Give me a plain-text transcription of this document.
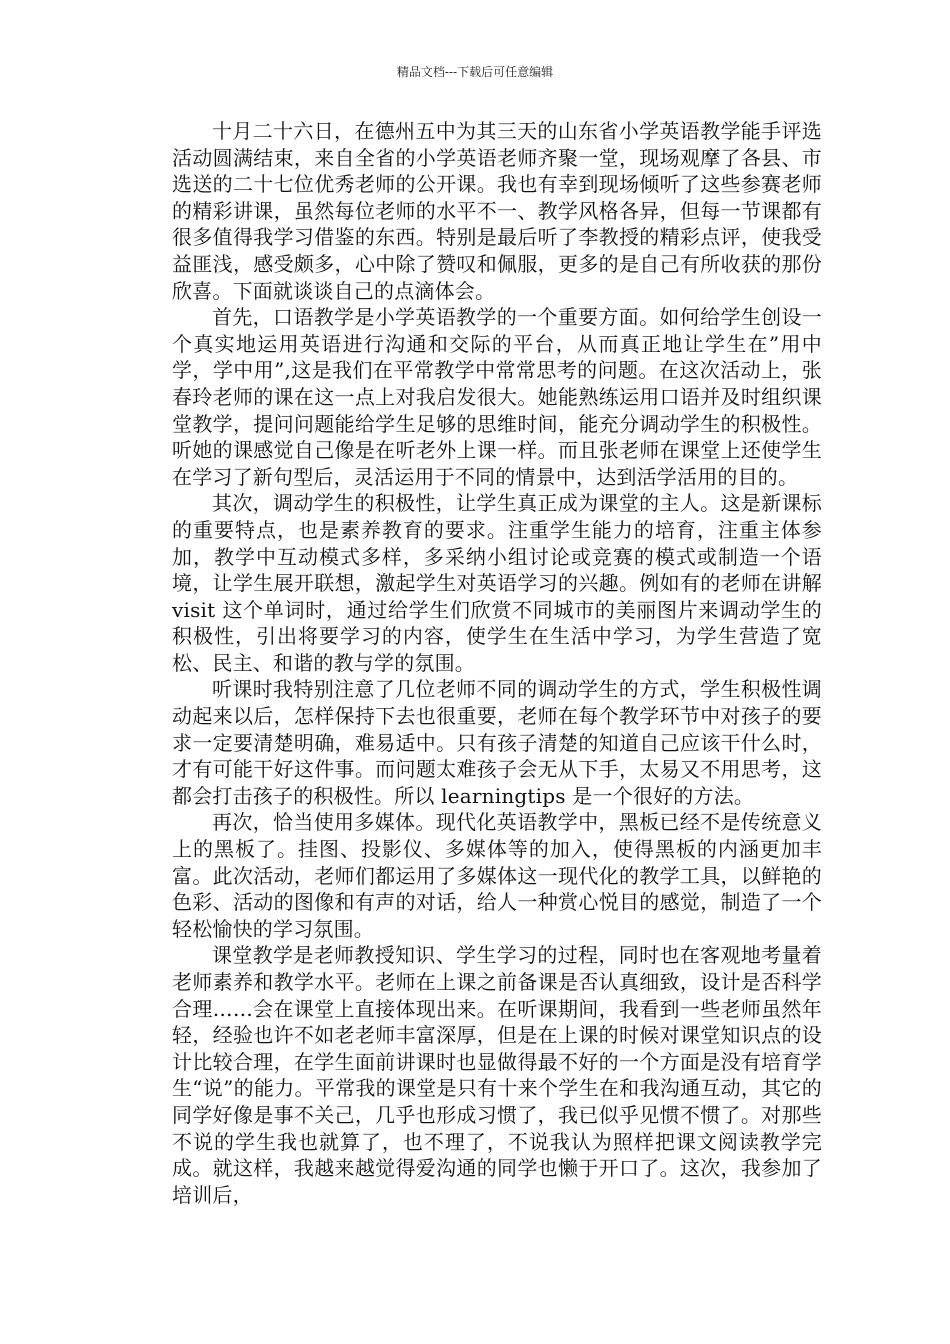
精品文档---下载后可任意编辑

十月二十六日，在德州五中为其三天的山东省小学英语教学能手评选活动圆满结束，来自全省的小学英语老师齐聚一堂，现场观摩了各县、市选送的二十七位优秀老师的公开课。我也有幸到现场倾听了这些参赛老师的精彩讲课，虽然每位老师的水平不一、教学风格各异，但每一节课都有很多值得我学习借鉴的东西。特别是最后听了李教授的精彩点评，使我受益匪浅，感受颇多，心中除了赞叹和佩服，更多的是自己有所收获的那份欣喜。下面就谈谈自己的点滴体会。

首先，口语教学是小学英语教学的一个重要方面。如何给学生创设一个真实地运用英语进行沟通和交际的平台，从而真正地让学生在”用中学，学中用”,这是我们在平常教学中常常思考的问题。在这次活动上，张春玲老师的课在这一点上对我启发很大。她能熟练运用口语并及时组织课堂教学，提问问题能给学生足够的思维时间，能充分调动学生的积极性。听她的课感觉自己像是在听老外上课一样。而且张老师在课堂上还使学生在学习了新句型后，灵活运用于不同的情景中，达到活学活用的目的。

其次，调动学生的积极性，让学生真正成为课堂的主人。这是新课标的重要特点，也是素养教育的要求。注重学生能力的培育，注重主体参加，教学中互动模式多样，多采纳小组讨论或竞赛的模式或制造一个语境，让学生展开联想，激起学生对英语学习的兴趣。例如有的老师在讲解 visit 这个单词时，通过给学生们欣赏不同城市的美丽图片来调动学生的积极性，引出将要学习的内容，使学生在生活中学习，为学生营造了宽松、民主、和谐的教与学的氛围。

听课时我特别注意了几位老师不同的调动学生的方式，学生积极性调动起来以后，怎样保持下去也很重要，老师在每个教学环节中对孩子的要求一定要清楚明确，难易适中。只有孩子清楚的知道自己应该干什么时，才有可能干好这件事。而问题太难孩子会无从下手，太易又不用思考，这都会打击孩子的积极性。所以 learningtips 是一个很好的方法。

再次，恰当使用多媒体。现代化英语教学中，黑板已经不是传统意义上的黑板了。挂图、投影仪、多媒体等的加入，使得黑板的内涵更加丰富。此次活动，老师们都运用了多媒体这一现代化的教学工具，以鲜艳的色彩、活动的图像和有声的对话，给人一种赏心悦目的感觉，制造了一个轻松愉快的学习氛围。

课堂教学是老师教授知识、学生学习的过程，同时也在客观地考量着老师素养和教学水平。老师在上课之前备课是否认真细致，设计是否科学合理……会在课堂上直接体现出来。在听课期间，我看到一些老师虽然年轻，经验也许不如老老师丰富深厚，但是在上课的时候对课堂知识点的设计比较合理，在学生面前讲课时也显做得最不好的一个方面是没有培育学生“说”的能力。平常我的课堂是只有十来个学生在和我沟通互动，其它的同学好像是事不关己，几乎也形成习惯了，我已似乎见惯不惯了。对那些不说的学生我也就算了，也不理了，不说我认为照样把课文阅读教学完成。就这样，我越来越觉得爱沟通的同学也懒于开口了。这次，我参加了培训后，
